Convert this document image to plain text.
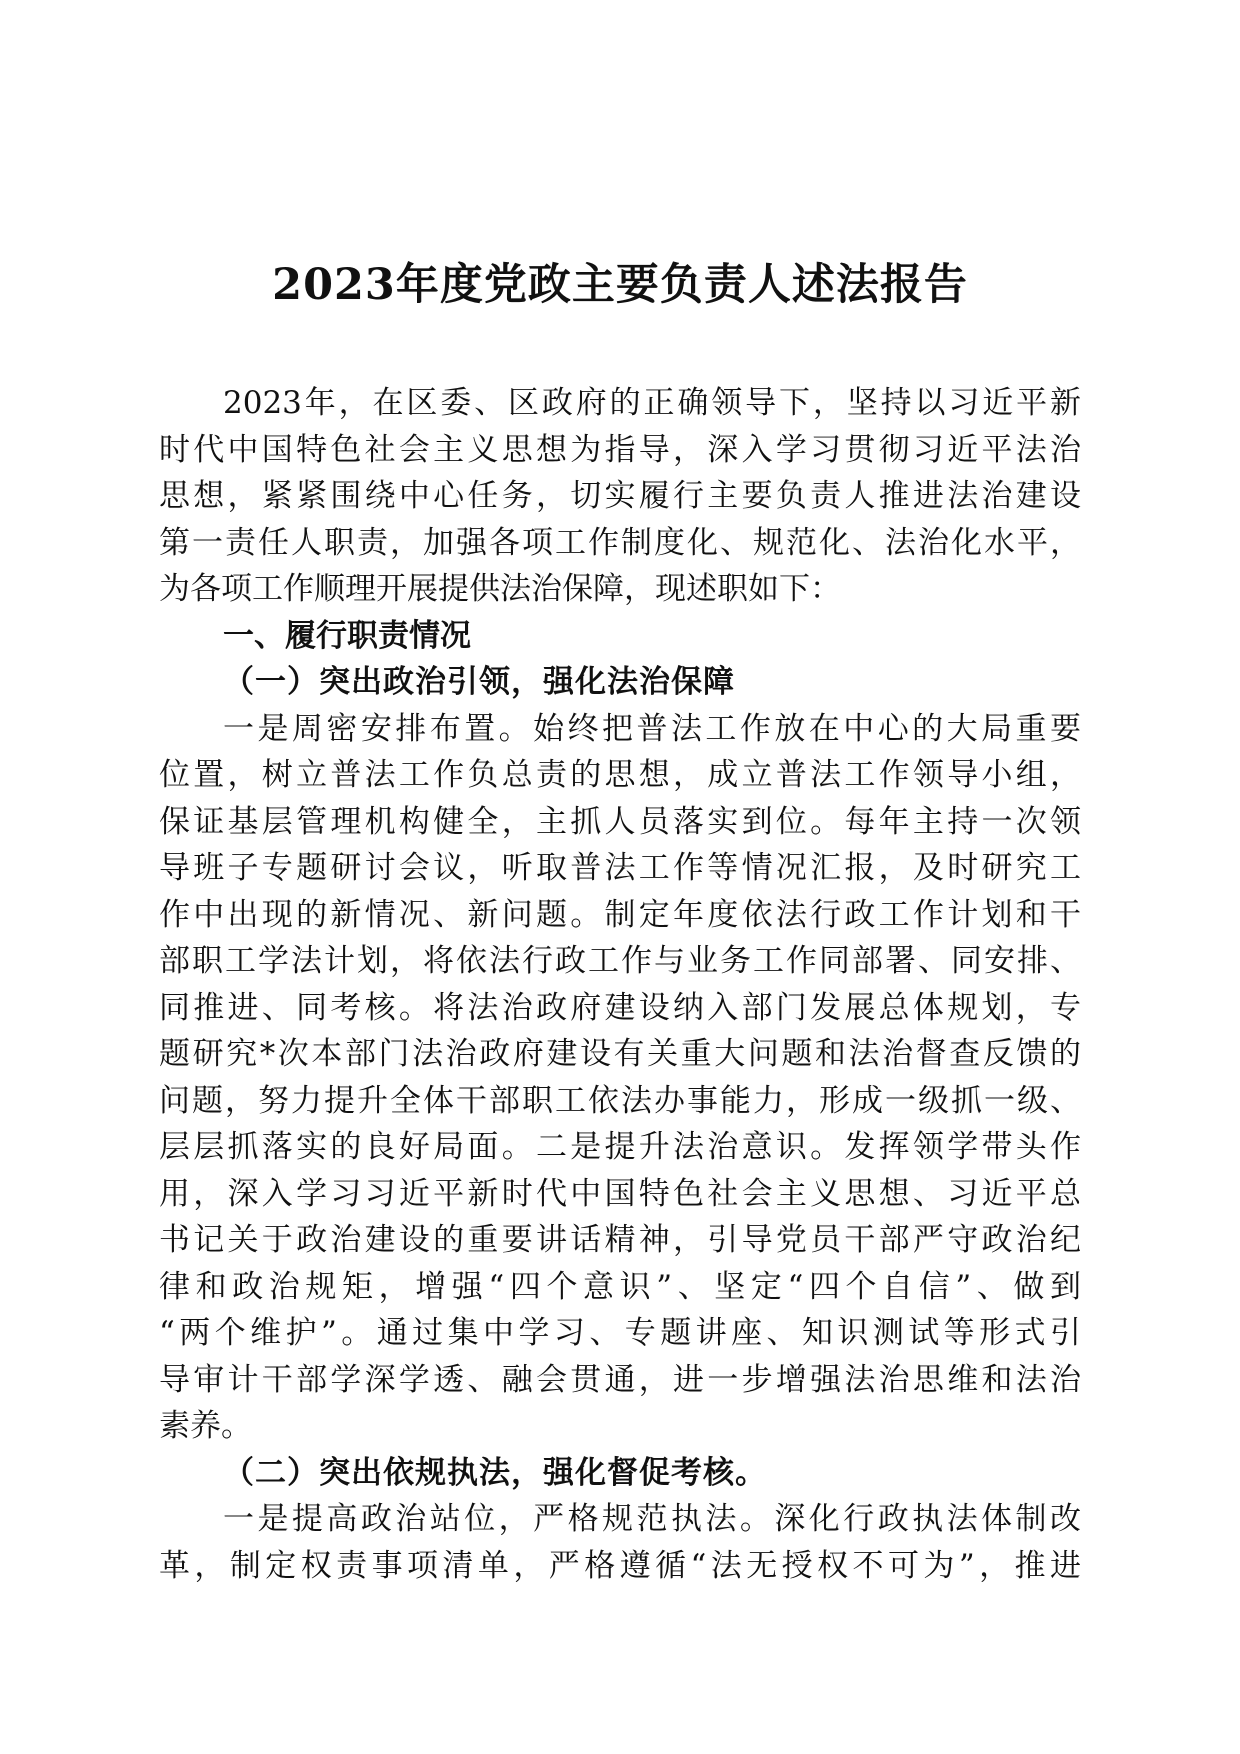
2023年度党政主要负责人述法报告

2023年，在区委、区政府的正确领导下，坚持以习近平新

时代中国特色社会主义思想为指导，深入学习贯彻习近平法治

思想，紧紧围绕中心任务，切实履行主要负责人推进法治建设

第一责任人职责，加强各项工作制度化、规范化、法治化水平，

为各项工作顺理开展提供法治保障，现述职如下：

一、履行职责情况

（一）突出政治引领，强化法治保障

一是周密安排布置。始终把普法工作放在中心的大局重要

位置，树立普法工作负总责的思想，成立普法工作领导小组，

保证基层管理机构健全，主抓人员落实到位。每年主持一次领

导班子专题研讨会议，听取普法工作等情况汇报，及时研究工

作中出现的新情况、新问题。制定年度依法行政工作计划和干

部职工学法计划，将依法行政工作与业务工作同部署、同安排、

同推进、同考核。将法治政府建设纳入部门发展总体规划，专

题研究*次本部门法治政府建设有关重大问题和法治督查反馈的

问题，努力提升全体干部职工依法办事能力，形成一级抓一级、

层层抓落实的良好局面。二是提升法治意识。发挥领学带头作

用，深入学习习近平新时代中国特色社会主义思想、习近平总

书记关于政治建设的重要讲话精神，引导党员干部严守政治纪

律和政治规矩，增强“四个意识”、坚定“四个自信”、做到

“两个维护”。通过集中学习、专题讲座、知识测试等形式引

导审计干部学深学透、融会贯通，进一步增强法治思维和法治

素养。

（二）突出依规执法，强化督促考核。

一是提高政治站位，严格规范执法。深化行政执法体制改

革，制定权责事项清单，严格遵循“法无授权不可为”，推进
